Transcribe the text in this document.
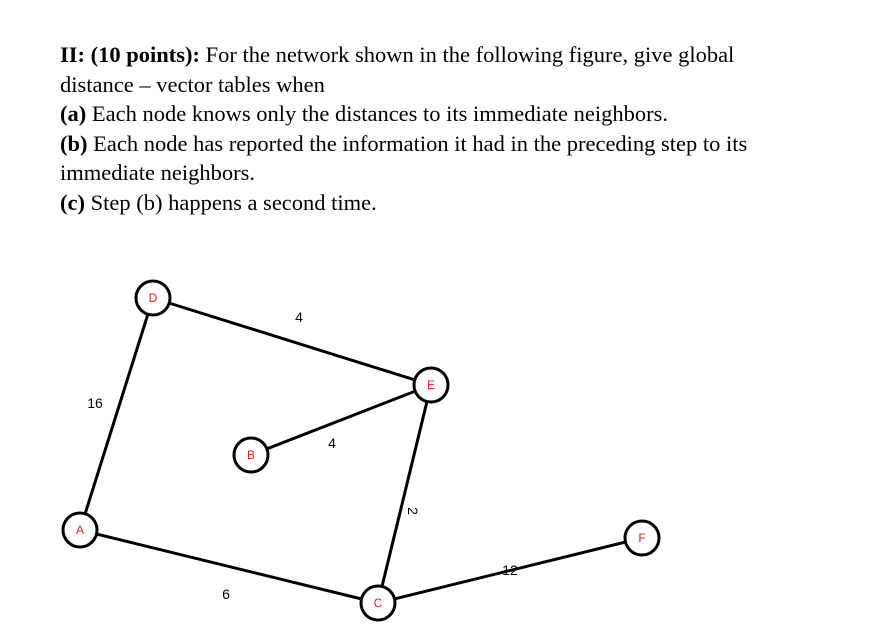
II: (10 points): For the network shown in the following figure, give global
distance – vector tables when
(a) Each node knows only the distances to its immediate neighbors.
(b) Each node has reported the information it had in the preceding step to its
immediate neighbors.
(c) Step (b) happens a second time.
4
16
4
2
6
12
D
E
B
A
C
F
